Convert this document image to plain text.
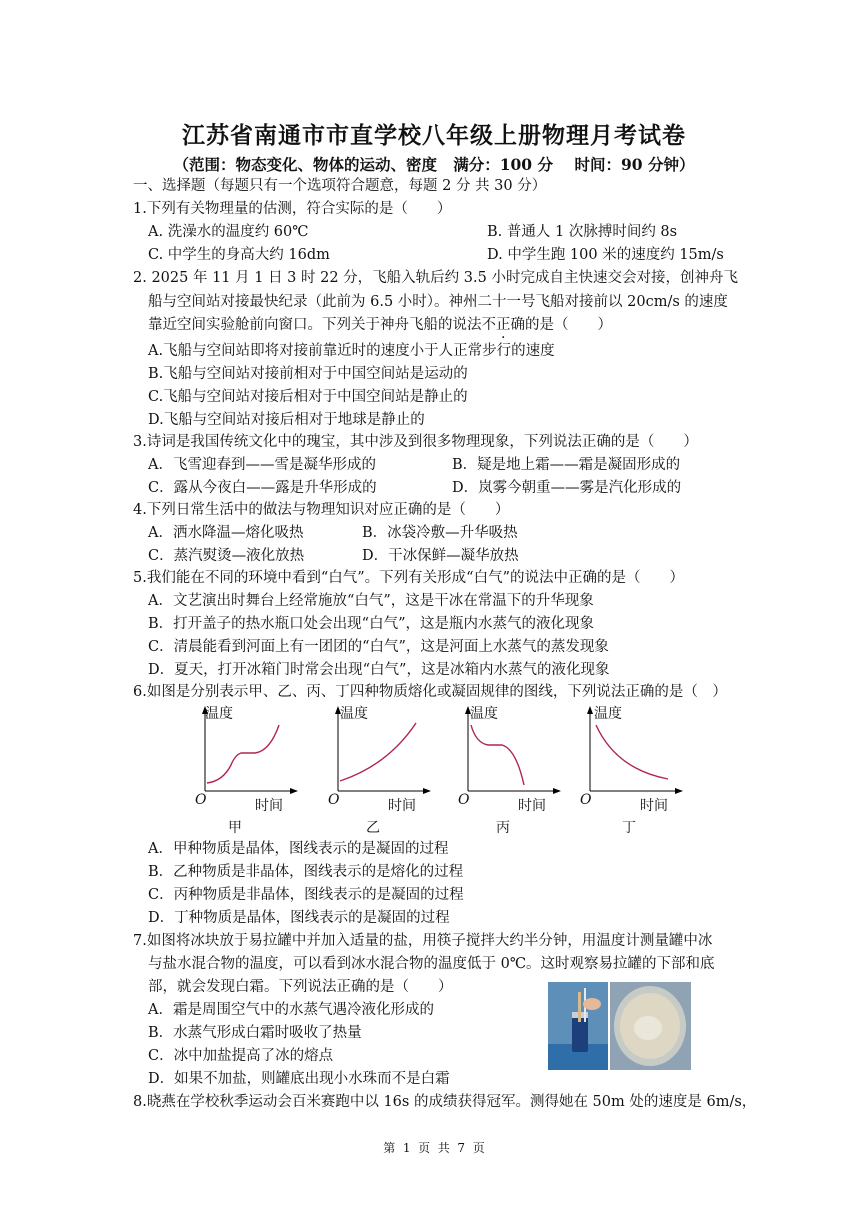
江苏省南通市市直学校八年级上册物理月考试卷
（范围：物态变化、物体的运动、密度   满分：100 分    时间：90 分钟）
一、选择题（每题只有一个选项符合题意，每题 2 分 共 30 分）
1.下列有关物理量的估测，符合实际的是（　　）
A. 洗澡水的温度约 60℃	B. 普通人 1 次脉搏时间约 8s
C. 中学生的身高大约 16dm	D. 中学生跑 100 米的速度约 15m/s
2. 2025 年 11 月 1 日 3 时 22 分，飞船入轨后约 3.5 小时完成自主快速交会对接，创神舟飞
船与空间站对接最快纪录（此前为 6.5 小时）。神州二十一号飞船对接前以 20cm/s 的速度
靠近空间实验舱前向窗口。下列关于神舟飞船的说法不正确的是（　　）
A.飞船与空间站即将对接前靠近时的速度小于人正常步行的速度
B.飞船与空间站对接前相对于中国空间站是运动的
C.飞船与空间站对接后相对于中国空间站是静止的
D.飞船与空间站对接后相对于地球是静止的
3.诗词是我国传统文化中的瑰宝，其中涉及到很多物理现象，下列说法正确的是（　　）
A．飞雪迎春到——雪是凝华形成的	B．疑是地上霜——霜是凝固形成的
C．露从今夜白——露是升华形成的	D．岚雾今朝重——雾是汽化形成的
4.下列日常生活中的做法与物理知识对应正确的是（　　）
A．洒水降温—熔化吸热	B．冰袋冷敷—升华吸热
C．蒸汽熨烫—液化放热	D．干冰保鲜—凝华放热
5.我们能在不同的环境中看到“白气”。下列有关形成“白气”的说法中正确的是（　　）
A．文艺演出时舞台上经常施放“白气”，这是干冰在常温下的升华现象
B．打开盖子的热水瓶口处会出现“白气”，这是瓶内水蒸气的液化现象
C．清晨能看到河面上有一团团的“白气”，这是河面上水蒸气的蒸发现象
D．夏天，打开冰箱门时常会出现“白气”，这是冰箱内水蒸气的液化现象
6.如图是分别表示甲、乙、丙、丁四种物质熔化或凝固规律的图线，下列说法正确的是（　）
温度
O	时间
甲
温度
O	时间
乙
温度
O	时间
丙
温度
O	时间
丁
A．甲种物质是晶体，图线表示的是凝固的过程
B．乙种物质是非晶体，图线表示的是熔化的过程
C．丙种物质是非晶体，图线表示的是凝固的过程
D．丁种物质是晶体，图线表示的是凝固的过程
7.如图将冰块放于易拉罐中并加入适量的盐，用筷子搅拌大约半分钟，用温度计测量罐中冰
与盐水混合物的温度，可以看到冰水混合物的温度低于 0℃。这时观察易拉罐的下部和底
部，就会发现白霜。下列说法正确的是（　　）
A．霜是周围空气中的水蒸气遇冷液化形成的
B．水蒸气形成白霜时吸收了热量
C．冰中加盐提高了冰的熔点
D．如果不加盐，则罐底出现小水珠而不是白霜
8.晓燕在学校秋季运动会百米赛跑中以 16s 的成绩获得冠军。测得她在 50m 处的速度是 6m/s，
第  1  页  共  7  页
